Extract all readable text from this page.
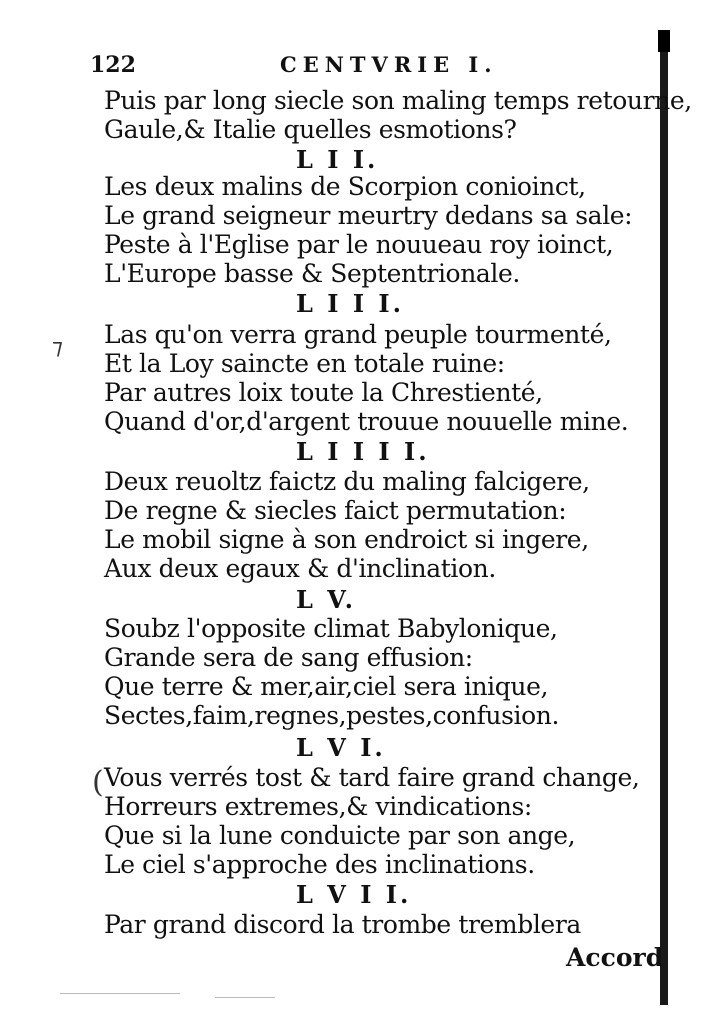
122	CENTVRIE I.
⁊
(
Puis par long siecle son maling temps retourne,
Gaule,& Italie quelles esmotions?
L I I.
Les deux malins de Scorpion conioinct,
Le grand seigneur meurtry dedans sa sale:
Peste à l'Eglise par le nouueau roy ioinct,
L'Europe basse & Septentrionale.
L I I I.
Las qu'on verra grand peuple tourmenté,
Et la Loy saincte en totale ruine:
Par autres loix toute la Chrestienté,
Quand d'or,d'argent trouue nouuelle mine.
L I I I I.
Deux reuoltz faictz du maling falcigere,
De regne & siecles faict permutation:
Le mobil signe à son endroict si ingere,
Aux deux egaux & d'inclination.
L V.
Soubz l'opposite climat Babylonique,
Grande sera de sang effusion:
Que terre & mer,air,ciel sera inique,
Sectes,faim,regnes,pestes,confusion.
L V I.
Vous verrés tost & tard faire grand change,
Horreurs extremes,& vindications:
Que si la lune conduicte par son ange,
Le ciel s'approche des inclinations.
L V I I.
Par grand discord la trombe tremblera
Accord
